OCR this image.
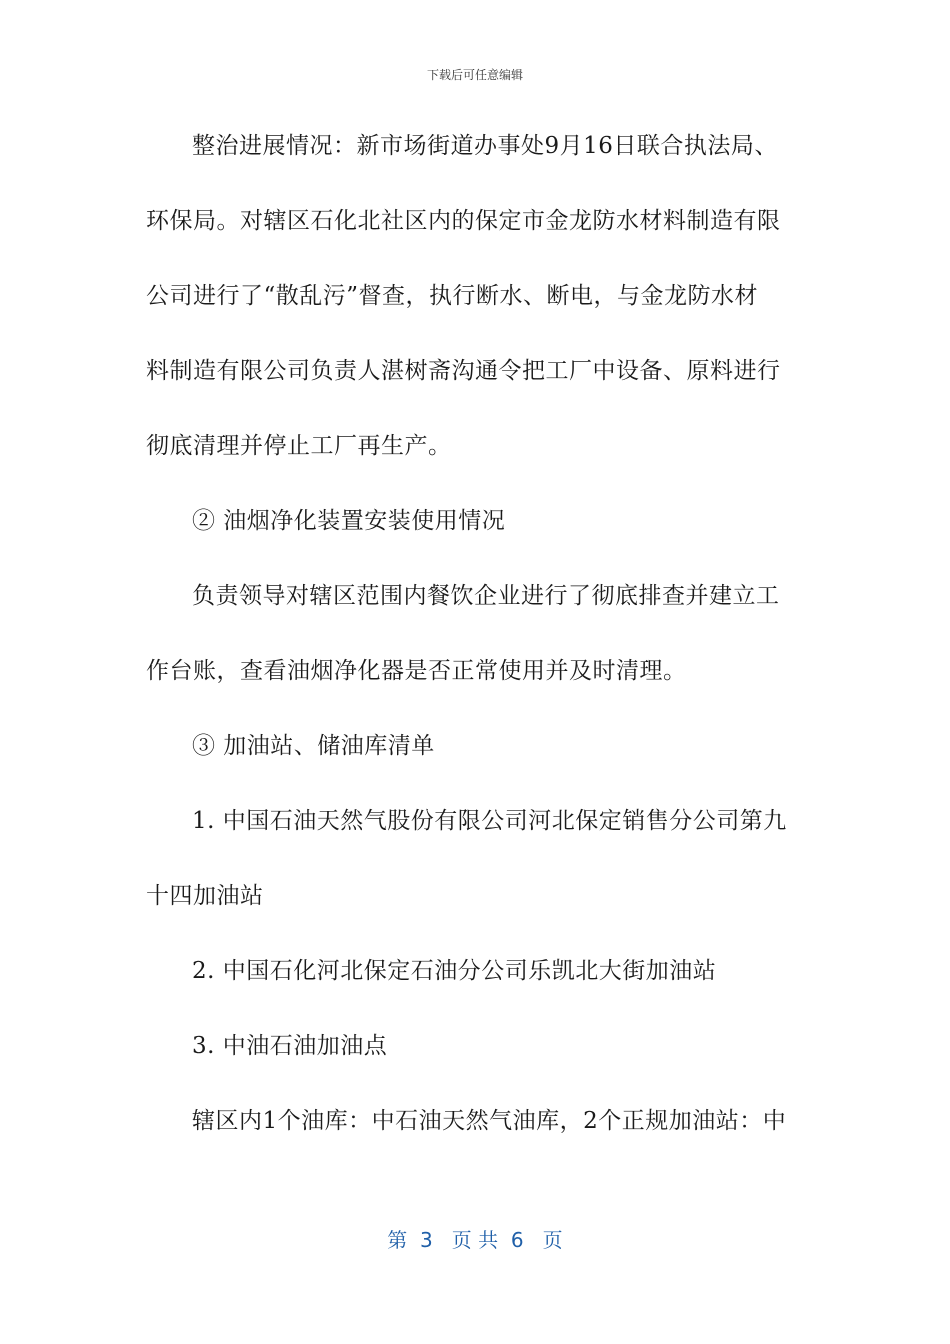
下载后可任意编辑
整治进展情况：新市场街道办事处9月16日联合执法局、
环保局。对辖区石化北社区内的保定市金龙防水材料制造有限
公司进行了“散乱污”督查，执行断水、断电，与金龙防水材
料制造有限公司负责人湛树斋沟通令把工厂中设备、原料进行
彻底清理并停止工厂再生产。
② 油烟净化装置安装使用情况
负责领导对辖区范围内餐饮企业进行了彻底排查并建立工
作台账，查看油烟净化器是否正常使用并及时清理。
③ 加油站、储油库清单
1. 中国石油天然气股份有限公司河北保定销售分公司第九
十四加油站
2. 中国石化河北保定石油分公司乐凯北大街加油站
3. 中油石油加油点
辖区内1个油库：中石油天然气油库，2个正规加油站：中
第  3   页 共  6   页
